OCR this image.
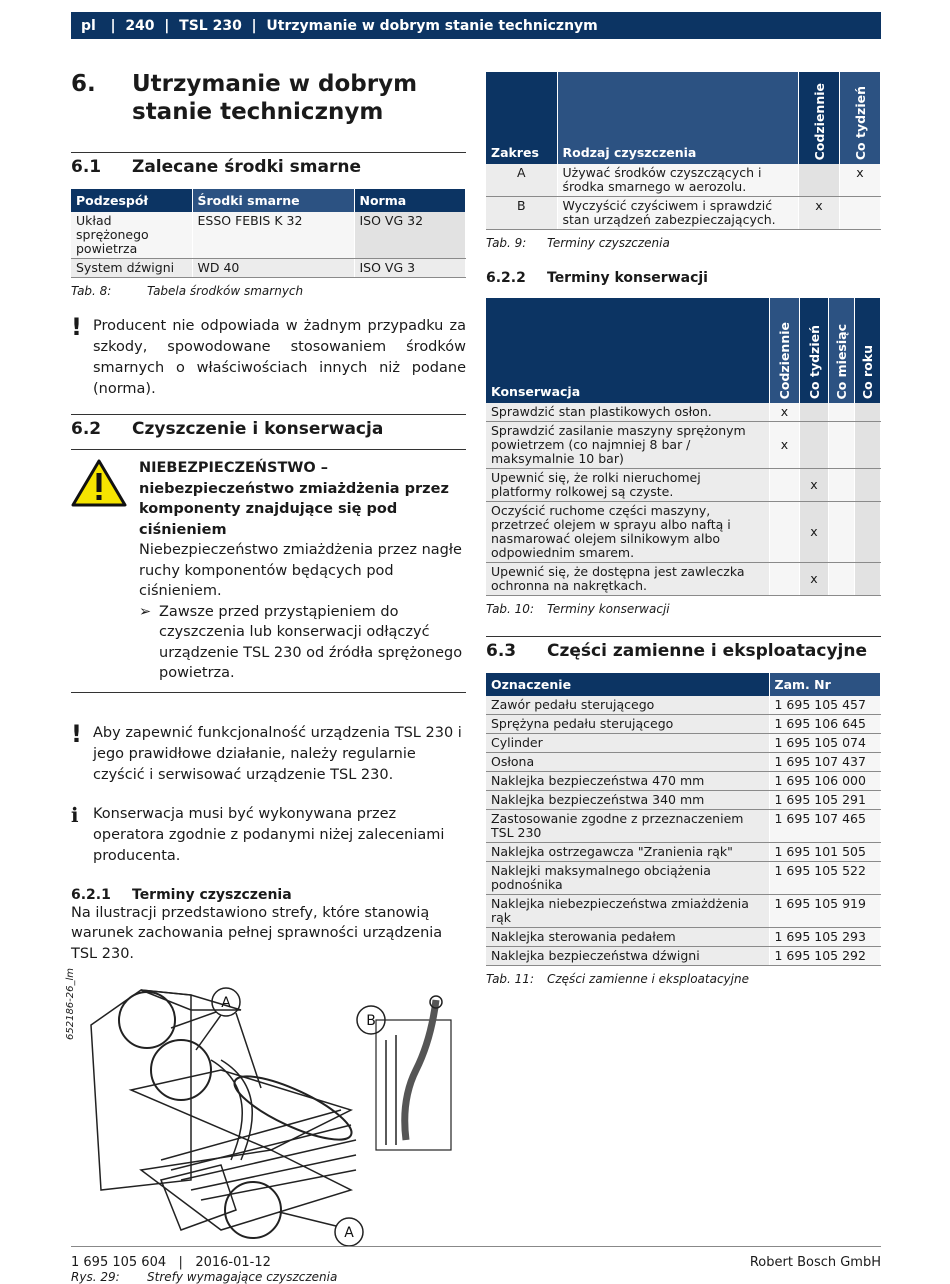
pl | 240 | TSL 230 | Utrzymanie w dobrym stanie technicznym
6.	Utrzymanie w dobrym stanie technicznym
6.1	Zalecane środki smarne
Podzespół	Środki smarne	Norma
Układ sprężonego powietrza	ESSO FEBIS K 32	ISO VG 32
System dźwigni	WD 40	ISO VG 3
Tab. 8:	Tabela środków smarnych
! Producent nie odpowiada w żadnym przypadku za szkody, spowodowane stosowaniem środków smarnych o właściwościach innych niż podane (norma).
6.2	Czyszczenie i konserwacja
NIEBEZPIECZEŃSTWO – niebezpieczeństwo zmiażdżenia przez komponenty znajdujące się pod ciśnieniem
Niebezpieczeństwo zmiażdżenia przez nagłe ruchy komponentów będących pod ciśnieniem.
➢ Zawsze przed przystąpieniem do czyszczenia lub konserwacji odłączyć urządzenie TSL 230 od źródła sprężonego powietrza.
! Aby zapewnić funkcjonalność urządzenia TSL 230 i jego prawidłowe działanie, należy regularnie czyścić i serwisować urządzenie TSL 230.
ℹ Konserwacja musi być wykonywana przez operatora zgodnie z podanymi niżej zaleceniami producenta.
6.2.1	Terminy czyszczenia
Na ilustracji przedstawiono strefy, które stanowią warunek zachowania pełnej sprawności urządzenia TSL 230.
652186-26_lm	A
A
B
Rys. 29:	Strefy wymagające czyszczenia
Zakres	Rodzaj czyszczenia	Codziennie	Co tydzień

A	Używać środków czyszczących i środka smarnego w aerozolu.		x
B	Wyczyścić czyściwem i sprawdzić stan urządzeń zabezpieczających.	x	
Tab. 9:	Terminy czyszczenia
6.2.2	Terminy konserwacji
Konserwacja	Codziennie	Co tydzień	Co miesiąc	Co roku

Sprawdzić stan plastikowych osłon.	x			
Sprawdzić zasilanie maszyny sprężonym powietrzem (co najmniej 8 bar / maksymalnie 10 bar)	x			
Upewnić się, że rolki nieruchomej platformy rolkowej są czyste.		x		
Oczyścić ruchome części maszyny, przetrzeć olejem w sprayu albo naftą i nasmarować olejem silnikowym albo odpowiednim smarem.		x		
Upewnić się, że dostępna jest zawleczka ochronna na nakrętkach.		x		
Tab. 10:	Terminy konserwacji
6.3	Części zamienne i eksploatacyjne
Oznaczenie	Zam. Nr
Zawór pedału sterującego	1 695 105 457
Sprężyna pedału sterującego	1 695 106 645
Cylinder	1 695 105 074
Osłona	1 695 107 437
Naklejka bezpieczeństwa 470 mm	1 695 106 000
Naklejka bezpieczeństwa 340 mm	1 695 105 291
Zastosowanie zgodne z przeznaczeniem TSL 230	1 695 107 465
Naklejka ostrzegawcza "Zranienia rąk"	1 695 101 505
Naklejki maksymalnego obciążenia podnośnika	1 695 105 522
Naklejka niebezpieczeństwa zmiażdżenia rąk	1 695 105 919
Naklejka sterowania pedałem	1 695 105 293
Naklejka bezpieczeństwa dźwigni	1 695 105 292
Tab. 11:	Części zamienne i eksploatacyjne
1 695 105 604   |   2016-01-12	Robert Bosch GmbH
